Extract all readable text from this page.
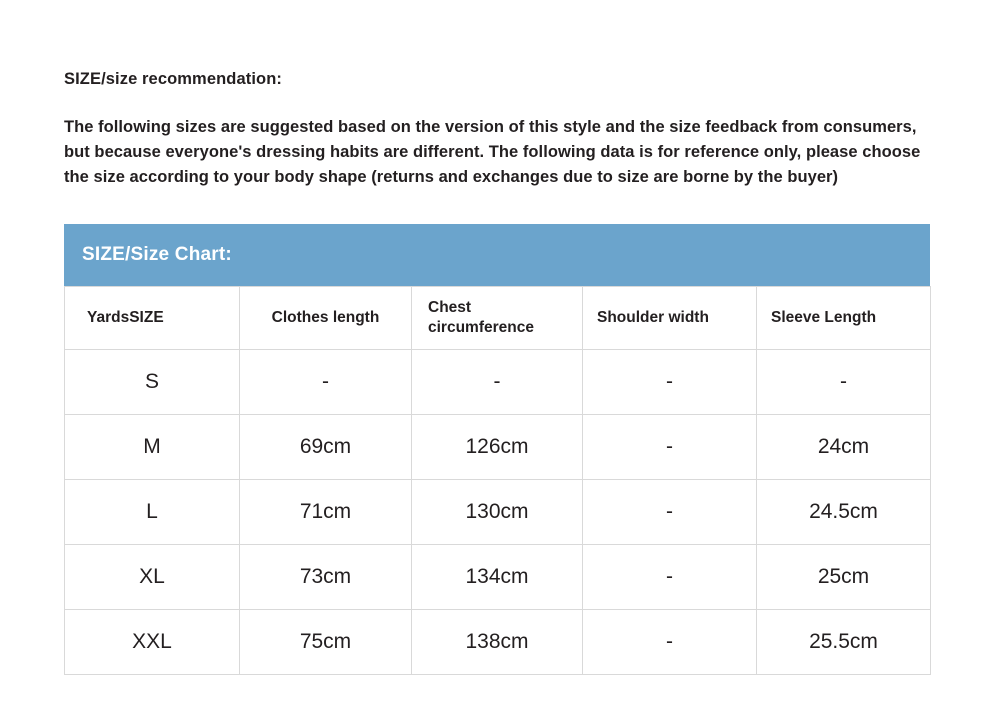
SIZE/size recommendation:

The following sizes are suggested based on the version of this style and the size feedback from consumers, but because everyone's dressing habits are different. The following data is for reference only, please choose the size according to your body shape (returns and exchanges due to size are borne by the buyer)

SIZE/Size Chart:
YardsSIZE	Clothes length	Chest circumference	Shoulder width	Sleeve Length
S	-	-	-	-
M	69cm	126cm	-	24cm
L	71cm	130cm	-	24.5cm
XL	73cm	134cm	-	25cm
XXL	75cm	138cm	-	25.5cm
